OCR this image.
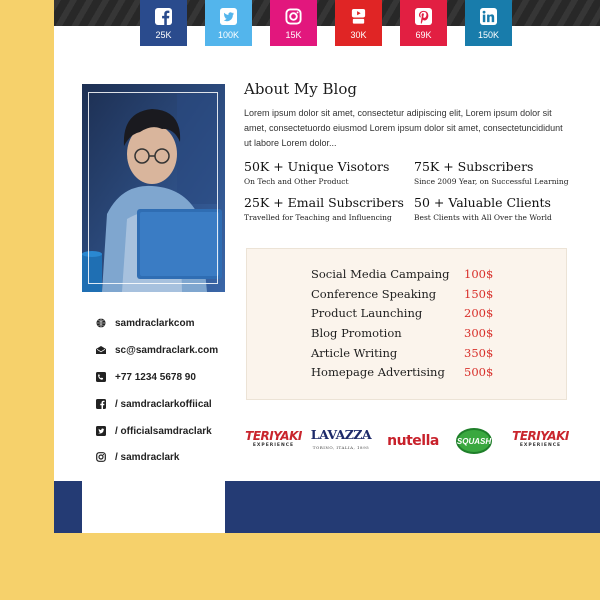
25K	100K	15K	30K	69K	150K
samdraclarkcom
sc@samdraclark.com
+77 1234 5678 90
/ samdraclarkoffiical
/ officialsamdraclark
/ samdraclark
About My Blog
Lorem ipsum dolor sit amet, consectetur adipiscing elit, Lorem ipsum dolor sit amet, consectetuordo eiusmod Lorem ipsum dolor sit amet, consectetuncididunt ut labore Lorem dolor...
50K + Unique Visotors
On Tech and Other Product
75K + Subscribers
Since 2009 Year, on Successful Learning
25K + Email Subscribers
Travelled for Teaching and Influencing
50 + Valuable Clients
Best Clients with All Over the World
Social Media Campaing 100$
Conference Speaking 150$
Product Launching	200$
Blog Promotion	300$
Article Writing	350$
Homepage Advertising 500$
TERIYAKI
EXPERIENCE
LAVAZZA
TORINO, ITALIA, 1895 nutella SQUASH TERIYAKI
EXPERIENCE
